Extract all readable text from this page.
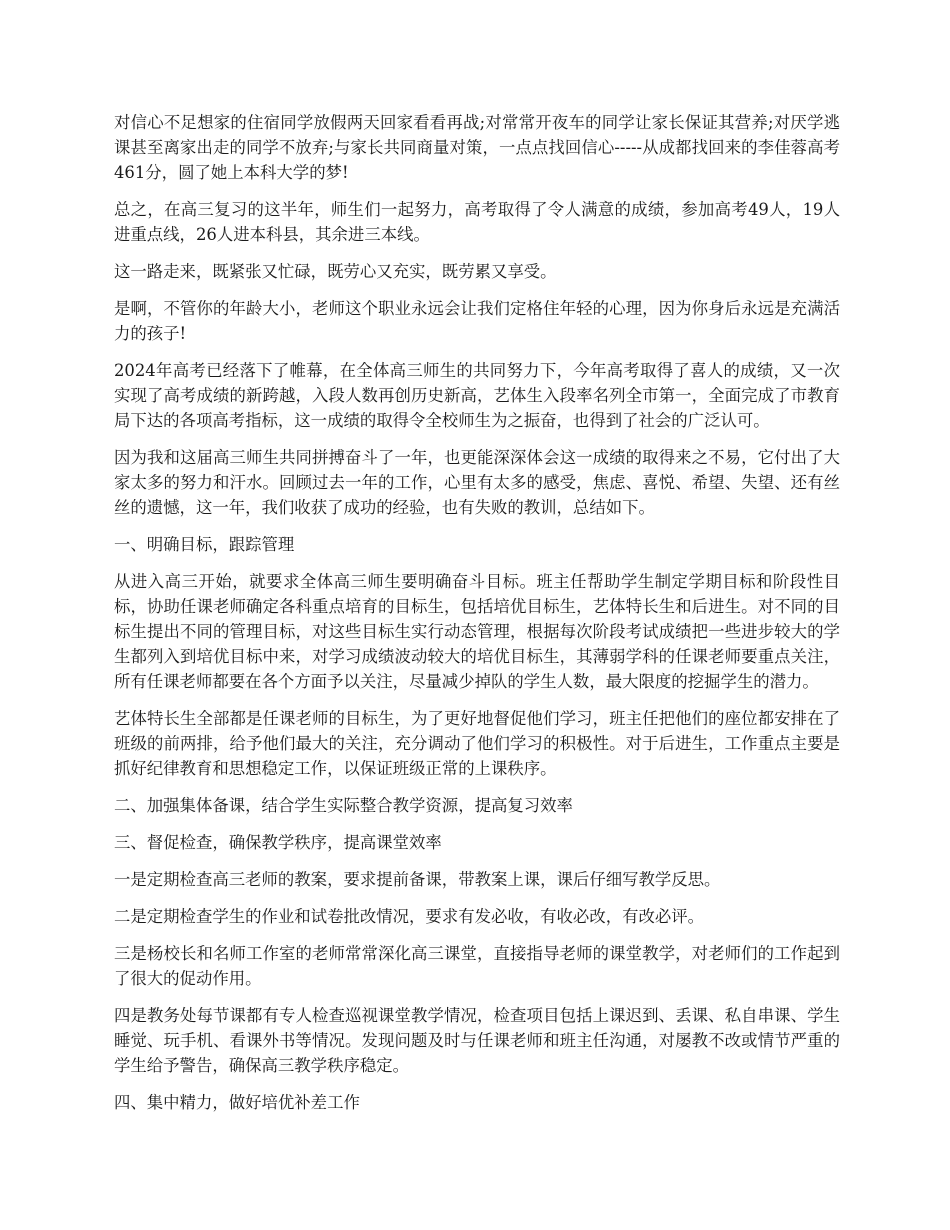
对信心不足想家的住宿同学放假两天回家看看再战;对常常开夜车的同学让家长保证其营养;对厌学逃课甚至离家出走的同学不放弃;与家长共同商量对策，一点点找回信心-----从成都找回来的李佳蓉高考461分，圆了她上本科大学的梦!

总之，在高三复习的这半年，师生们一起努力，高考取得了令人满意的成绩，参加高考49人，19人进重点线，26人进本科县，其余进三本线。

这一路走来，既紧张又忙碌，既劳心又充实，既劳累又享受。

是啊，不管你的年龄大小，老师这个职业永远会让我们定格住年轻的心理，因为你身后永远是充满活力的孩子!

2024年高考已经落下了帷幕，在全体高三师生的共同努力下，今年高考取得了喜人的成绩，又一次实现了高考成绩的新跨越，入段人数再创历史新高，艺体生入段率名列全市第一，全面完成了市教育局下达的各项高考指标，这一成绩的取得令全校师生为之振奋，也得到了社会的广泛认可。

因为我和这届高三师生共同拼搏奋斗了一年，也更能深深体会这一成绩的取得来之不易，它付出了大家太多的努力和汗水。回顾过去一年的工作，心里有太多的感受，焦虑、喜悦、希望、失望、还有丝丝的遗憾，这一年，我们收获了成功的经验，也有失败的教训，总结如下。

一、明确目标，跟踪管理

从进入高三开始，就要求全体高三师生要明确奋斗目标。班主任帮助学生制定学期目标和阶段性目标，协助任课老师确定各科重点培育的目标生，包括培优目标生，艺体特长生和后进生。对不同的目标生提出不同的管理目标，对这些目标生实行动态管理，根据每次阶段考试成绩把一些进步较大的学生都列入到培优目标中来，对学习成绩波动较大的培优目标生，其薄弱学科的任课老师要重点关注，所有任课老师都要在各个方面予以关注，尽量减少掉队的学生人数，最大限度的挖掘学生的潜力。

艺体特长生全部都是任课老师的目标生，为了更好地督促他们学习，班主任把他们的座位都安排在了班级的前两排，给予他们最大的关注，充分调动了他们学习的积极性。对于后进生，工作重点主要是抓好纪律教育和思想稳定工作，以保证班级正常的上课秩序。

二、加强集体备课，结合学生实际整合教学资源，提高复习效率

三、督促检查，确保教学秩序，提高课堂效率

一是定期检查高三老师的教案，要求提前备课，带教案上课，课后仔细写教学反思。

二是定期检查学生的作业和试卷批改情况，要求有发必收，有收必改，有改必评。

三是杨校长和名师工作室的老师常常深化高三课堂，直接指导老师的课堂教学，对老师们的工作起到了很大的促动作用。

四是教务处每节课都有专人检查巡视课堂教学情况，检查项目包括上课迟到、丢课、私自串课、学生睡觉、玩手机、看课外书等情况。发现问题及时与任课老师和班主任沟通，对屡教不改或情节严重的学生给予警告，确保高三教学秩序稳定。

四、集中精力，做好培优补差工作
